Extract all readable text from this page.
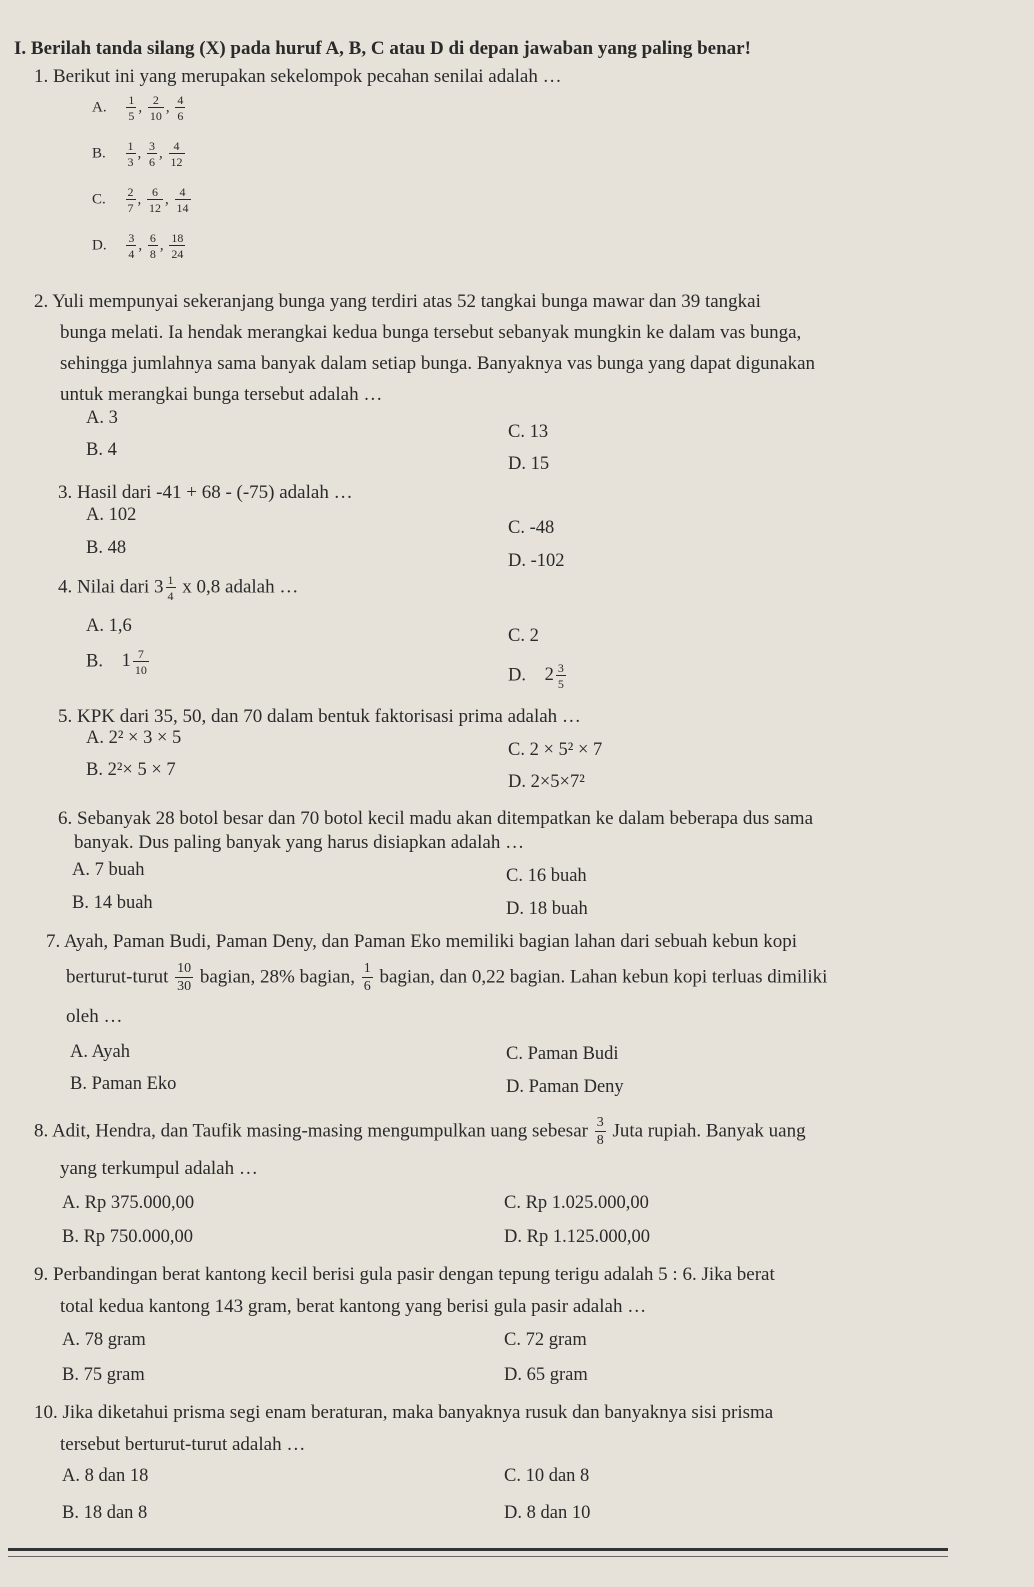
I. Berilah tanda silang (X) pada huruf A, B, C atau D di depan jawaban yang paling benar!
1. Berikut ini yang merupakan sekelompok pecahan senilai adalah …
A. $\frac{1}{5}$ , $\frac{2}{10}$ , $\frac{4}{6}$
B. $\frac{1}{3}$ , $\frac{3}{6}$ , $\frac{4}{12}$
C. $\frac{2}{7}$ , $\frac{6}{12}$ , $\frac{4}{14}$
D. $\frac{3}{4}$ , $\frac{6}{8}$ , $\frac{18}{24}$
2. Yuli mempunyai sekeranjang bunga yang terdiri atas 52 tangkai bunga mawar dan 39 tangkai
bunga melati. Ia hendak merangkai kedua bunga tersebut sebanyak mungkin ke dalam vas bunga,
sehingga jumlahnya sama banyak dalam setiap bunga. Banyaknya vas bunga yang dapat digunakan
untuk merangkai bunga tersebut adalah …
A. 3
B. 4
C. 13
D. 15
3. Hasil dari -41 + 68 - (-75) adalah …
A. 102
B. 48
C. -48
D. -102
4. Nilai dari $3 \frac{1}{4}$ x 0,8 adalah …
A. 1,6
B. $1 \frac{7}{10}$
C. 2
D. $2 \frac{3}{5}$
5. KPK dari 35, 50, dan 70 dalam bentuk faktorisasi prima adalah …
A. 2² × 3 × 5
B. 2²× 5 × 7
C. 2 × 5² × 7
D. 2×5×7²
6. Sebanyak 28 botol besar dan 70 botol kecil madu akan ditempatkan ke dalam beberapa dus sama
banyak. Dus paling banyak yang harus disiapkan adalah …
A. 7 buah
B. 14 buah
C. 16 buah
D. 18 buah
7. Ayah, Paman Budi, Paman Deny, dan Paman Eko memiliki bagian lahan dari sebuah kebun kopi
berturut-turut $\frac{10}{30}$ bagian, 28% bagian, $\frac{1}{6}$ bagian, dan 0,22 bagian. Lahan kebun kopi terluas dimiliki
oleh …
A. Ayah
B. Paman Eko
C. Paman Budi
D. Paman Deny
8. Adit, Hendra, dan Taufik masing-masing mengumpulkan uang sebesar $\frac{3}{8}$ Juta rupiah. Banyak uang
yang terkumpul adalah …
A. Rp 375.000,00
B. Rp 750.000,00
C. Rp 1.025.000,00
D. Rp 1.125.000,00
9. Perbandingan berat kantong kecil berisi gula pasir dengan tepung terigu adalah 5 : 6. Jika berat
total kedua kantong 143 gram, berat kantong yang berisi gula pasir adalah …
A. 78 gram
B. 75 gram
C. 72 gram
D. 65 gram
10. Jika diketahui prisma segi enam beraturan, maka banyaknya rusuk dan banyaknya sisi prisma
tersebut berturut-turut adalah …
A. 8 dan 18
B. 18 dan 8
C. 10 dan 8
D. 8 dan 10
